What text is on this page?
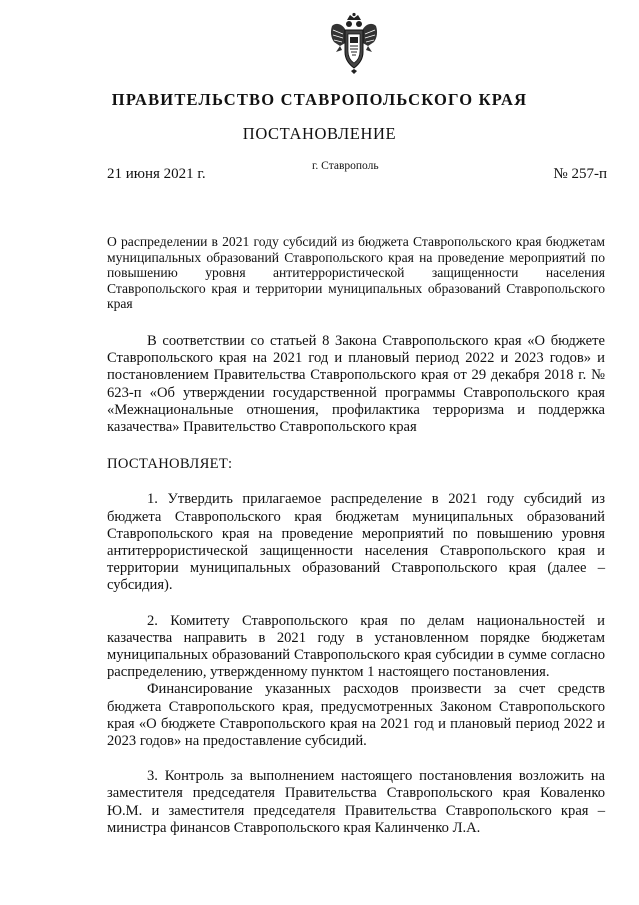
ПРАВИТЕЛЬСТВО СТАВРОПОЛЬСКОГО КРАЯ
ПОСТАНОВЛЕНИЕ
21 июня 2021 г.	г. Ставрополь	№ 257-п
О распределении в 2021 году субсидий из бюджета Ставропольского края бюджетам муниципальных образований Ставропольского края на проведение мероприятий по повышению уровня антитеррористической защищенности населения Ставропольского края и территории муниципальных образований Ставропольского края

В соответствии со статьей 8 Закона Ставропольского края «О бюджете Ставропольского края на 2021 год и плановый период 2022 и 2023 годов» и постановлением Правительства Ставропольского края от 29 декабря 2018 г. № 623-п «Об утверждении государственной программы Ставропольского края «Межнациональные отношения, профилактика терроризма и поддержка казачества» Правительство Ставропольского края

ПОСТАНОВЛЯЕТ:

1. Утвердить прилагаемое распределение в 2021 году субсидий из бюджета Ставропольского края бюджетам муниципальных образований Ставропольского края на проведение мероприятий по повышению уровня антитеррористической защищенности населения Ставропольского края и территории муниципальных образований Ставропольского края (далее – субсидия).

2. Комитету Ставропольского края по делам национальностей и казачества направить в 2021 году в установленном порядке бюджетам муниципальных образований Ставропольского края субсидии в сумме согласно распределению, утвержденному пунктом 1 настоящего постановления.

Финансирование указанных расходов произвести за счет средств бюджета Ставропольского края, предусмотренных Законом Ставропольского края «О бюджете Ставропольского края на 2021 год и плановый период 2022 и 2023 годов» на предоставление субсидий.

3. Контроль за выполнением настоящего постановления возложить на заместителя председателя Правительства Ставропольского края Коваленко Ю.М. и заместителя председателя Правительства Ставропольского края – министра финансов Ставропольского края Калинченко Л.А.
